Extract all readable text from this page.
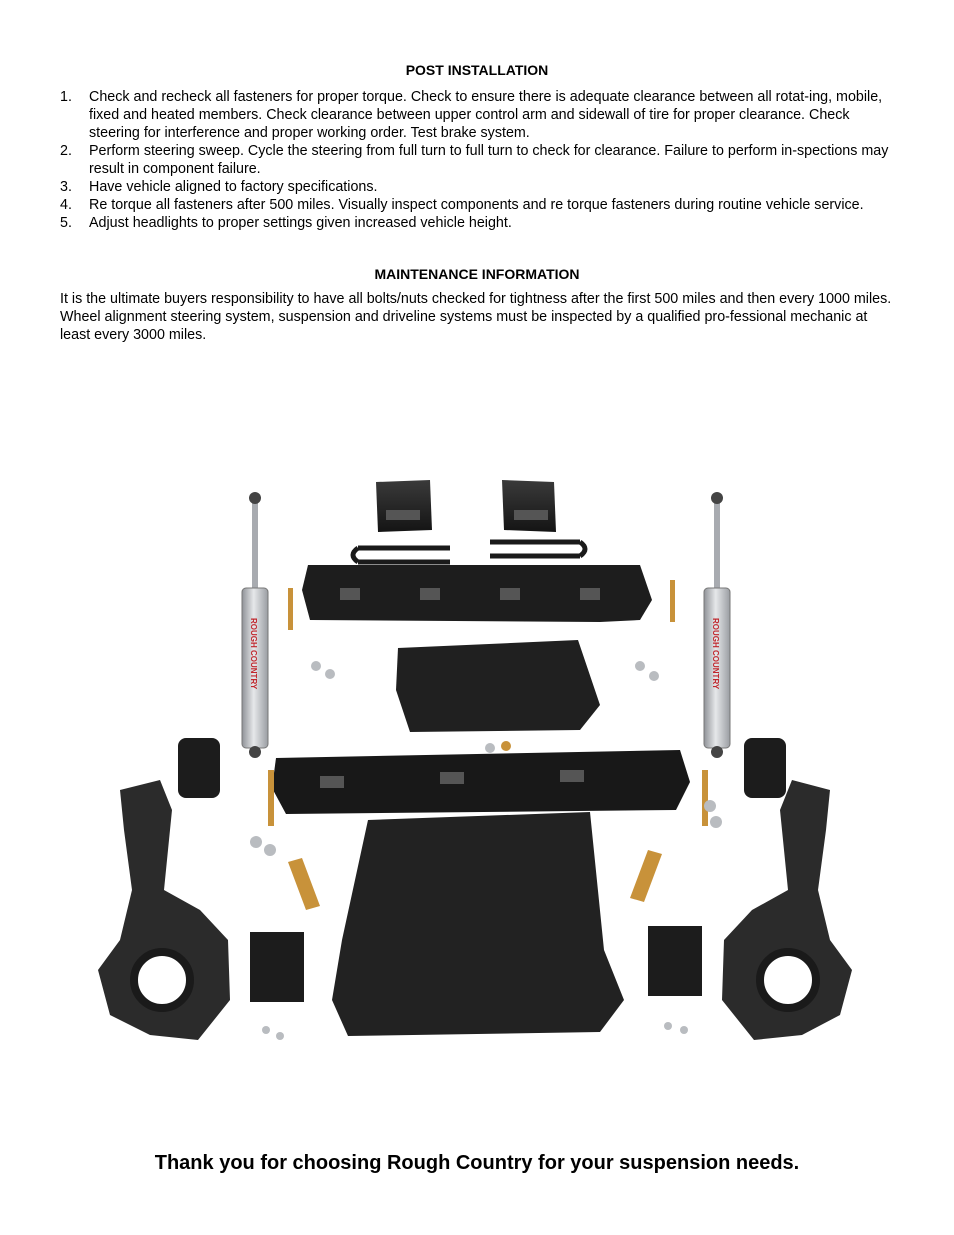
POST INSTALLATION
1. Check and recheck all fasteners for proper torque. Check to ensure there is adequate clearance between all rotat-ing, mobile, fixed and heated members. Check clearance between upper control arm and sidewall of tire for proper clearance. Check steering for interference and proper working order. Test brake system.
2. Perform steering sweep. Cycle the steering from full turn to full turn to check for clearance. Failure to perform in-spections may result in component failure.
3. Have vehicle aligned to factory specifications.
4. Re torque all fasteners after 500 miles. Visually inspect components and re torque fasteners during routine vehicle service.
5. Adjust headlights to proper settings given increased vehicle height.
MAINTENANCE INFORMATION

It is the ultimate buyers responsibility to have all bolts/nuts checked for tightness after the first 500 miles and then every 1000 miles. Wheel alignment steering system, suspension and driveline systems must be inspected by a qualified pro-fessional mechanic at least every 3000 miles.

ROUGH COUNTRY	ROUGH COUNTRY
Thank you for choosing Rough Country for your suspension needs.
